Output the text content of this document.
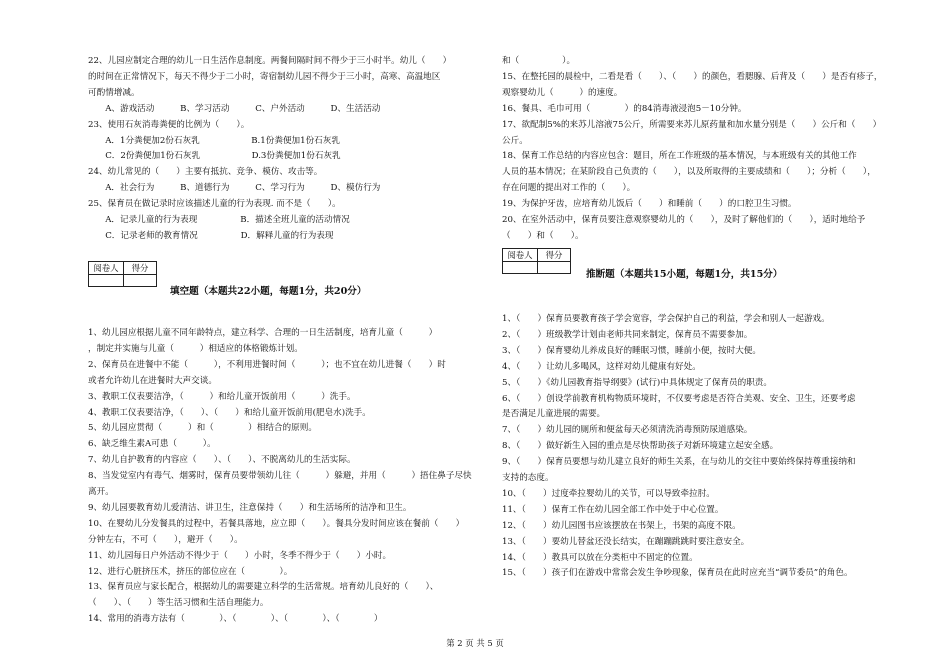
22、儿园应制定合理的幼儿一日生活作息制度。两餐间隔时间不得少于三小时半。幼儿（　　）
的时间在正常情况下，每天不得少于二小时，寄宿制幼儿园不得少于三小时，高寒、高温地区
可酌情增减。
　　A、游戏活动　　　B、学习活动　　　C、户外活动　　　D、生活活动
23、使用石灰消毒粪便的比例为（　　）。
　　A．1分粪便加2份石灰乳　　　　　　B.1份粪便加1份石灰乳
　　C．2份粪便加1份石灰乳　　　　　　D.3份粪便加1份石灰乳
24、幼儿常见的（　　）主要有抵抗、竞争、模仿、攻击等。
　　A．社会行为　　　B、道德行为　　　C、学习行为　　　D、模仿行为
25、保育员在做记录时应该描述儿童的行为表现. 而不是（　　）。
　　A．记录儿童的行为表现　　　　　B．描述全班儿童的活动情况
　　C．记录老师的教育情况　　　　　D．解释儿童的行为表现
阅卷人	得分

填空题（本题共22小题，每题1分，共20分）
1、幼儿园应根据儿童不同年龄特点，建立科学、合理的一日生活制度，培育儿童（　　　）
，制定并实施与儿童（　　　）相适应的体格锻炼计划。
2、保育员在进餐中不能（　　　），不利用进餐时间（　　　）；也不宜在幼儿进餐（　　）时
或者允许幼儿在进餐时大声交谈。
3、教职工仪表要洁净，（　　　）和给儿童开饭前用（　　　）洗手。
4、教职工仪表要洁净，（　　）、（　　）和给儿童开饭前用(肥皂水)洗手。
5、幼儿园应贯彻（　　　）和（　　　　）相结合的原则。
6、缺乏维生素A可患（　　　）。
7、幼儿自护教育的内容应（　　）、（　　）、不脱离幼儿的生活实际。
8、当发觉室内有毒气、烟雾时，保育员要带领幼儿往（　　　）躲避，并用（　　　）捂住鼻子尽快
离开。
9、幼儿园要教育幼儿爱清洁、讲卫生，注意保持（　　）和生活场所的洁净和卫生。
10、在婴幼儿分发餐具的过程中，若餐具落地，应立即（　　）。餐具分发时间应该在餐前（　　）
分钟左右，不可（　　），避开（　　）。
11、幼儿园每日户外活动不得少于（　　）小时，冬季不得少于（　　）小时。
12、进行心脏挤压术，挤压的部位应在（　　　　）。
13、保育员应与家长配合，根据幼儿的需要建立科学的生活常规。培育幼儿良好的（　　）、
（　　）、（　　）等生活习惯和生活自理能力。
14、常用的消毒方法有（　　　　）、（　　　　）、（　　　　）、（　　　　）
和（　　　　　）。
15、在整托园的晨检中，二看是看（　　）、（　　）的颜色，看腮腺、后背及（　　）是否有疹子，
观察婴幼儿（　　　）的速度。
16、餐具、毛巾可用（　　　　）的84消毒液浸泡5－10分钟。
17、欲配制5%的来苏儿溶液75公斤，所需要来苏儿原药量和加水量分别是（　　）公斤和（　　）
公斤。
18、保育工作总结的内容应包含：题目，所在工作班级的基本情况，与本班级有关的其他工作
人员的基本情况；在某阶段自己负责的（　　），以及所取得的主要成绩和（　　）；分析（　　），
存在问题的提出对工作的（　　）。
19、为保护牙齿，应培育幼儿饭后（　　）和睡前（　　）的口腔卫生习惯。
20、在室外活动中，保育员要注意观察婴幼儿的（　　），及时了解他们的（　　），适时地给予
（　　）和（　　）。
阅卷人	得分

推断题（本题共15小题，每题1分，共15分）
1、（　　）保育员要教育孩子学会宽容，学会保护自己的利益，学会和别人一起游戏。
2、（　　）班级教学计划由老师共同来制定，保育员不需要参加。
3、（　　）保育婴幼儿养成良好的睡眠习惯，睡前小便，按时大便。
4、（　　）让幼儿多喝风，这样对幼儿健康有好处。
5、（　　）《幼儿园教育指导纲要》(试行)中具体规定了保育员的职责。
6、（　　）创设学前教育机构物质环境时，不仅要考虑是否符合美观、安全、卫生，还要考虑
是否满足儿童进展的需要。
7、（　　）幼儿园的厕所和便盆每天必须清洗消毒预防尿道感染。
8、（　　）做好新生入园的重点是尽快帮助孩子对新环境建立起安全感。
9、（　　）保育员要想与幼儿建立良好的师生关系，在与幼儿的交往中要始终保持尊重接纳和
支持的态度。
10、（　　）过度牵拉婴幼儿的关节，可以导致牵拉肘。
11、（　　）保育工作在幼儿园全部工作中处于中心位置。
12、（　　）幼儿园图书应该摆放在书架上，书架的高度不限。
13、（　　）要幼儿替盆还没长结实，在蹦蹦跳跳时要注意安全。
14、（　　）教具可以放在分类柜中不固定的位置。
15、（　　）孩子们在游戏中常常会发生争吵现象，保育员在此时应充当“调节委员”的角色。
第 2 页 共 5 页
